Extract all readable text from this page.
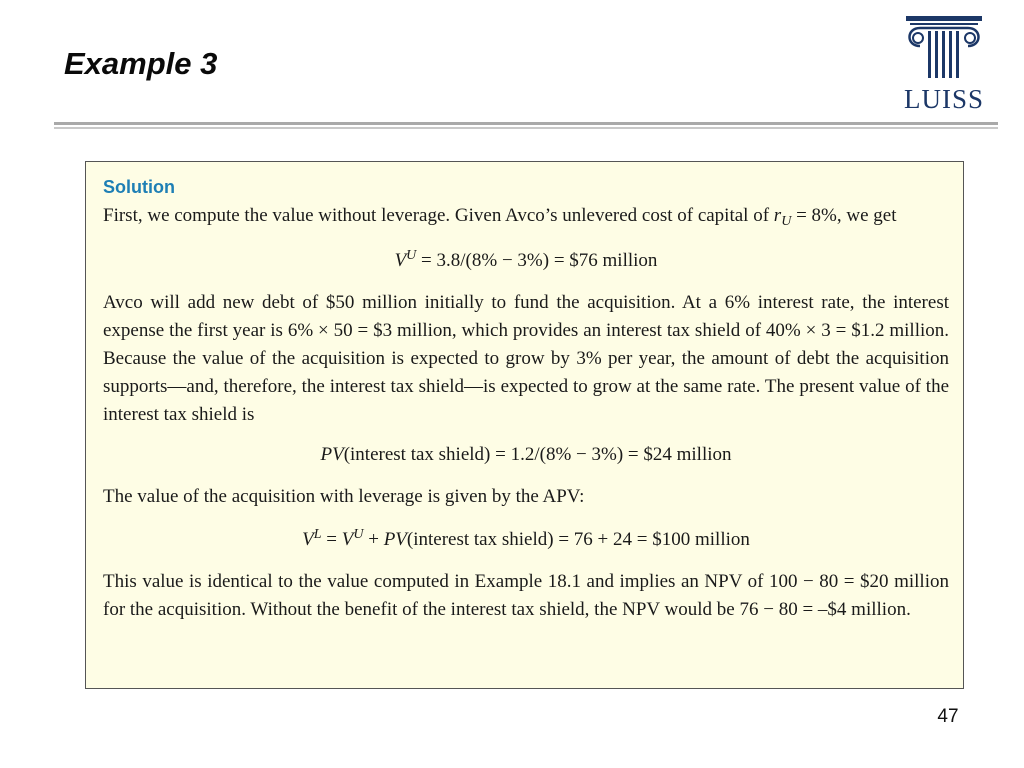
Example 3
LUISS
Solution

First, we compute the value without leverage. Given Avco’s unlevered cost of capital of $r_U = 8\%$, we get

$V^U = 3.8/(8\% - 3\%)$ = $76 million

Avco will add new debt of $50 million initially to fund the acquisition. At a 6% interest rate, the interest expense the first year is 6% × 50 = $3 million, which provides an interest tax shield of 40% × 3 = $1.2 million. Because the value of the acquisition is expected to grow by 3% per year, the amount of debt the acquisition supports—and, therefore, the interest tax shield—is expected to grow at the same rate. The present value of the interest tax shield is

PV(interest tax shield) = 1.2/(8% − 3%) = $24 million

The value of the acquisition with leverage is given by the APV:

$V^L = V^U$ + PV(interest tax shield) = 76 + 24 = $100 million

This value is identical to the value computed in Example 18.1 and implies an NPV of 100 − 80 = $20 million for the acquisition. Without the benefit of the interest tax shield, the NPV would be 76 − 80 = –$4 million.

47
